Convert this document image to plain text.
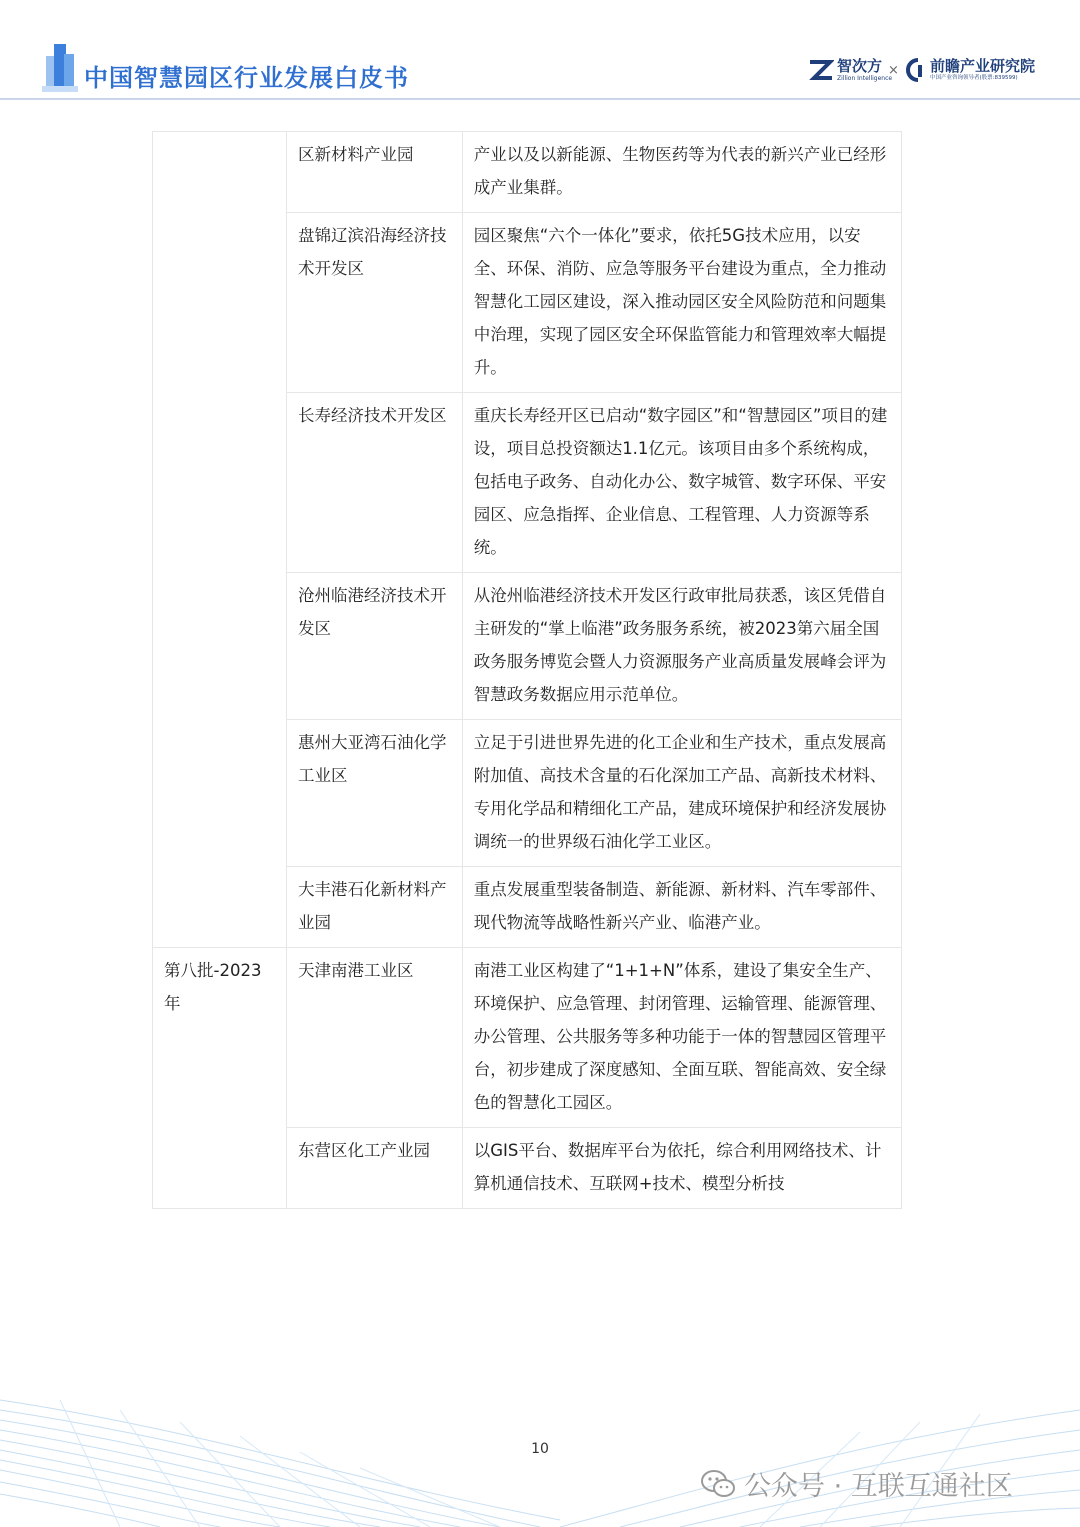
中国智慧园区行业发展白皮书	智次方
Zillion Intelligence
× 前瞻产业研究院
中国产业咨询领导者(股票:839599)
	区新材料产业园	产业以及以新能源、生物医药等为代表的新兴产业已经形成产业集群。
	盘锦辽滨沿海经济技术开发区	园区聚焦“六个一体化”要求，依托5G技术应用，以安全、环保、消防、应急等服务平台建设为重点，全力推动智慧化工园区建设，深入推动园区安全风险防范和问题集中治理，实现了园区安全环保监管能力和管理效率大幅提升。
	长寿经济技术开发区	重庆长寿经开区已启动“数字园区”和“智慧园区”项目的建设，项目总投资额达1.1亿元。该项目由多个系统构成，包括电子政务、自动化办公、数字城管、数字环保、平安园区、应急指挥、企业信息、工程管理、人力资源等系统。
	沧州临港经济技术开发区	从沧州临港经济技术开发区行政审批局获悉，该区凭借自主研发的“掌上临港”政务服务系统，被2023第六届全国政务服务博览会暨人力资源服务产业高质量发展峰会评为智慧政务数据应用示范单位。
	惠州大亚湾石油化学工业区	立足于引进世界先进的化工企业和生产技术，重点发展高附加值、高技术含量的石化深加工产品、高新技术材料、专用化学品和精细化工产品，建成环境保护和经济发展协调统一的世界级石油化学工业区。
	大丰港石化新材料产业园	重点发展重型装备制造、新能源、新材料、汽车零部件、现代物流等战略性新兴产业、临港产业。
第八批-2023年	天津南港工业区	南港工业区构建了“1+1+N”体系，建设了集安全生产、环境保护、应急管理、封闭管理、运输管理、能源管理、办公管理、公共服务等多种功能于一体的智慧园区管理平台，初步建成了深度感知、全面互联、智能高效、安全绿色的智慧化工园区。
	东营区化工产业园	以GIS平台、数据库平台为依托，综合利用网络技术、计算机通信技术、互联网+技术、模型分析技
10
公众号 · 互联互通社区
